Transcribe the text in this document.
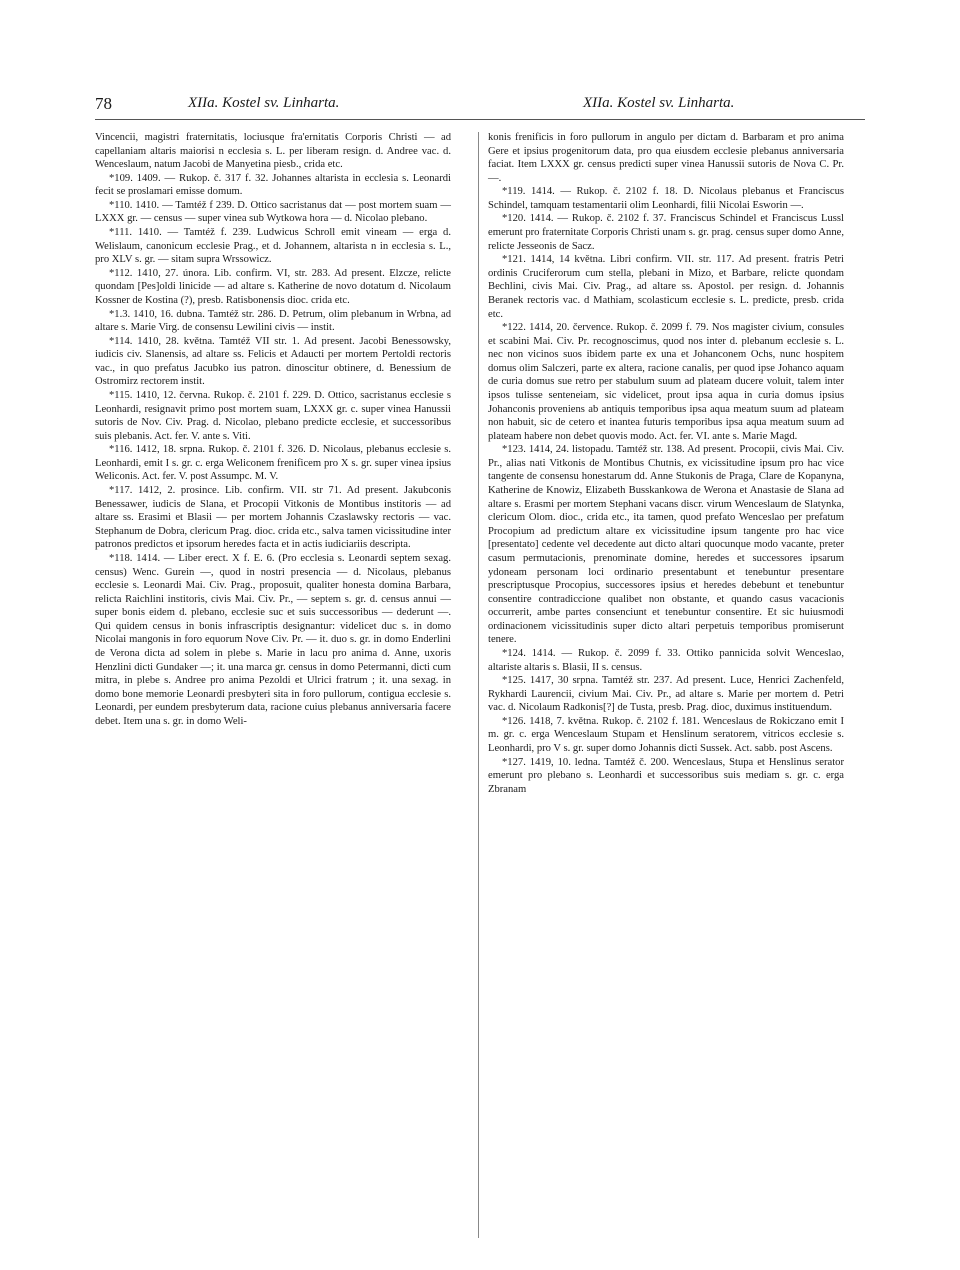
78	XIIa. Kostel sv. Linharta.	XIIa. Kostel sv. Linharta.

Vincencii, magistri fraternitatis, lociusque fra'ernitatis Corporis Christi — ad capellaniam altaris maiorisi n ecclesia s. L. per liberam resign. d. Andree vac. d. Wenceslaum, natum Jacobi de Manyetina piesb., crida etc.

*109. 1409. — Rukop. č. 317 f. 32. Johannes altarista in ecclesia s. Leonardi fecit se proslamari emisse domum.

*110. 1410. — Tamtéž f 239. D. Ottico sacristanus dat — post mortem suam — LXXX gr. — census — super vinea sub Wytkowa hora — d. Nicolao plebano.

*111. 1410. — Tamtéž f. 239. Ludwicus Schroll emit vineam — erga d. Welislaum, canonicum ecclesie Prag., et d. Johannem, altarista n in ecclesia s. L., pro XLV s. gr. — sitam supra Wrssowicz.

*112. 1410, 27. února. Lib. confirm. VI, str. 283. Ad present. Elzcze, relicte quondam [Pes]oldi linicide — ad altare s. Katherine de novo dotatum d. Nicolaum Kossner de Kostina (?), presb. Ratisbonensis dioc. crida etc.

*1.3. 1410, 16. dubna. Tamtéž str. 286. D. Petrum, olim plebanum in Wrbna, ad altare s. Marie Virg. de consensu Lewilini civis — instit.

*114. 1410, 28. května. Tamtéž VII str. 1. Ad present. Jacobi Benessowsky, iudicis civ. Slanensis, ad altare ss. Felicis et Adaucti per mortem Pertoldi rectoris vac., in quo prefatus Jacubko ius patron. dinoscitur obtinere, d. Benessium de Ostromirz rectorem instit.

*115. 1410, 12. června. Rukop. č. 2101 f. 229. D. Ottico, sacristanus ecclesie s Leonhardi, resignavit primo post mortem suam, LXXX gr. c. super vinea Hanussii sutoris de Nov. Civ. Prag. d. Nicolao, plebano predicte ecclesie, et successoribus suis plebanis. Act. fer. V. ante s. Viti.

*116. 1412, 18. srpna. Rukop. č. 2101 f. 326. D. Nicolaus, plebanus ecclesie s. Leonhardi, emit I s. gr. c. erga Weliconem frenificem pro X s. gr. super vinea ipsius Weliconis. Act. fer. V. post Assumpc. M. V.

*117. 1412, 2. prosince. Lib. confirm. VII. str 71. Ad present. Jakubconis Benessawer, iudicis de Slana, et Procopii Vitkonis de Montibus institoris — ad altare ss. Erasimi et Blasii — per mortem Johannis Czaslawsky rectoris — vac. Stephanum de Dobra, clericum Prag. dioc. crida etc., salva tamen vicissitudine inter patronos predictos et ipsorum heredes facta et in actis iudiciariis descripta.

*118. 1414. — Liber erect. X f. E. 6. (Pro ecclesia s. Leonardi septem sexag. census) Wenc. Gurein —, quod in nostri presencia — d. Nicolaus, plebanus ecclesie s. Leonardi Mai. Civ. Prag., proposuit, qualiter honesta domina Barbara, relicta Raichlini institoris, civis Mai. Civ. Pr., — septem s. gr. d. census annui — super bonis eidem d. plebano, ecclesie suc et suis successoribus — dederunt —. Qui quidem census in bonis infrascriptis designantur: videlicet duc s. in domo Nicolai mangonis in foro equorum Nove Civ. Pr. — it. duo s. gr. in domo Enderlini de Verona dicta ad solem in plebe s. Marie in lacu pro anima d. Anne, uxoris Henzlini dicti Gundaker —; it. una marca gr. census in domo Petermanni, dicti cum mitra, in plebe s. Andree pro anima Pezoldi et Ulrici fratrum ; it. una sexag. in domo bone memorie Leonardi presbyteri sita in foro pullorum, contigua ecclesie s. Leonardi, per eundem presbyterum data, racione cuius plebanus anniversaria facere debet. Item una s. gr. in domo Weli-

konis frenificis in foro pullorum in angulo per dictam d. Barbaram et pro anima Gere et ipsius progenitorum data, pro qua eiusdem ecclesie plebanus anniversaria faciat. Item LXXX gr. census predicti super vinea Hanussii sutoris de Nova C. Pr. —.

*119. 1414. — Rukop. č. 2102 f. 18. D. Nicolaus plebanus et Franciscus Schindel, tamquam testamentarii olim Leonhardi, filii Nicolai Esworin —.

*120. 1414. — Rukop. č. 2102 f. 37. Franciscus Schindel et Franciscus Lussl emerunt pro fraternitate Corporis Christi unam s. gr. prag. census super domo Anne, relicte Jesseonis de Sacz.

*121. 1414, 14 května. Libri confirm. VII. str. 117. Ad present. fratris Petri ordinis Cruciferorum cum stella, plebani in Mizo, et Barbare, relicte quondam Bechlini, civis Mai. Civ. Prag., ad altare ss. Apostol. per resign. d. Johannis Beranek rectoris vac. d Mathiam, scolasticum ecclesie s. L. predicte, presb. crida etc.

*122. 1414, 20. července. Rukop. č. 2099 f. 79. Nos magister civium, consules et scabini Mai. Civ. Pr. recognoscimus, quod nos inter d. plebanum ecclesie s. L. nec non vicinos suos ibidem parte ex una et Johanconem Ochs, nunc hospitem domus olim Salczeri, parte ex altera, racione canalis, per quod ipse Johanco aquam de curia domus sue retro per stabulum suum ad plateam ducere voluit, talem inter ipsos tulisse senteneiam, sic videlicet, prout ipsa aqua in curia domus ipsius Johanconis proveniens ab antiquis temporibus ipsa aqua meatum suum ad plateam non habuit, sic de cetero et inantea futuris temporibus ipsa aqua meatum suum ad plateam habere non debet quovis modo. Act. fer. VI. ante s. Marie Magd.

*123. 1414, 24. listopadu. Tamtéž str. 138. Ad present. Procopii, civis Mai. Civ. Pr., alias nati Vitkonis de Montibus Chutnis, ex vicissitudine ipsum pro hac vice tangente de consensu honestarum dd. Anne Stukonis de Praga, Clare de Kopanyna, Katherine de Knowiz, Elizabeth Busskankowa de Werona et Anastasie de Slana ad altare s. Erasmi per mortem Stephani vacans discr. virum Wenceslaum de Slatynka, clericum Olom. dioc., crida etc., ita tamen, quod prefato Wenceslao per prefatum Procopium ad predictum altare ex vicissitudine ipsum tangente pro hac vice [presentato] cedente vel decedente aut dicto altari quocunque modo vacante, preter casum permutacionis, prenominate domine, heredes et successores ipsarum ydoneam personam loci ordinario presentabunt et tenebuntur presentare prescriptusque Procopius, successores ipsius et heredes debebunt et tenebuntur consentire contradiccione qualibet non obstante, et quando casus vacacionis occurrerit, ambe partes consenciunt et tenebuntur consentire. Et sic huiusmodi ordinacionem vicissitudinis super dicto altari perpetuis temporibus promiserunt tenere.

*124. 1414. — Rukop. č. 2099 f. 33. Ottiko pannicida solvit Wenceslao, altariste altaris s. Blasii, II s. census.

*125. 1417, 30 srpna. Tamtéž str. 237. Ad present. Luce, Henrici Zachenfeld, Rykhardi Laurencii, civium Mai. Civ. Pr., ad altare s. Marie per mortem d. Petri vac. d. Nicolaum Radkonis[?] de Tusta, presb. Prag. dioc, duximus instituendum.

*126. 1418, 7. května. Rukop. č. 2102 f. 181. Wenceslaus de Rokiczano emit I m. gr. c. erga Wenceslaum Stupam et Henslinum seratorem, vitricos ecclesie s. Leonhardi, pro V s. gr. super domo Johannis dicti Sussek. Act. sabb. post Ascens.

*127. 1419, 10. ledna. Tamtéž č. 200. Wenceslaus, Stupa et Henslinus serator emerunt pro plebano s. Leonhardi et successoribus suis mediam s. gr. c. erga Zbranam
